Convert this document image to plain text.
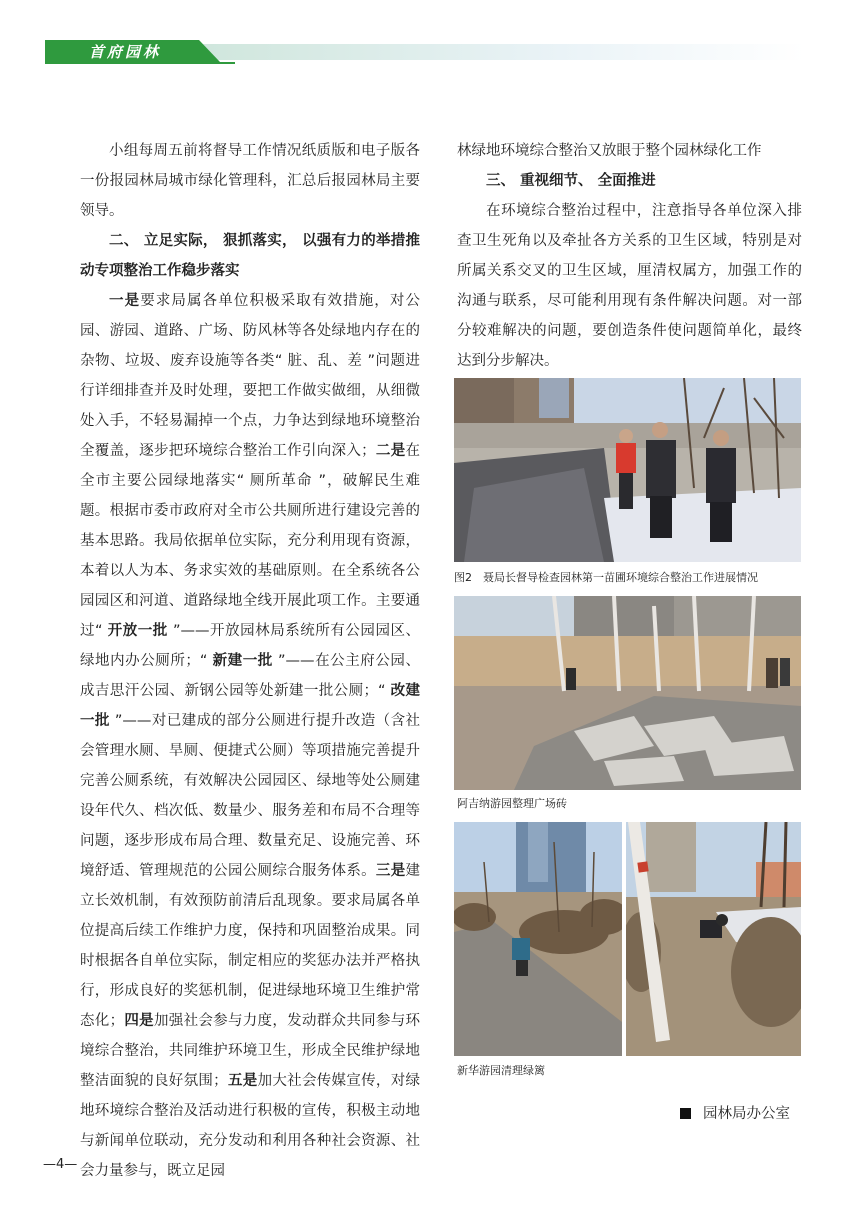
首府园林

小组每周五前将督导工作情况纸质版和电子版各一份报园林局城市绿化管理科，汇总后报园林局主要领导。

二、 立足实际， 狠抓落实， 以强有力的举措推动专项整治工作稳步落实

一是要求局属各单位积极采取有效措施，对公园、游园、道路、广场、防风林等各处绿地内存在的杂物、垃圾、废弃设施等各类“ 脏、乱、差 ”问题进行详细排查并及时处理，要把工作做实做细，从细微处入手，不轻易漏掉一个点，力争达到绿地环境整治全覆盖，逐步把环境综合整治工作引向深入；二是在全市主要公园绿地落实“ 厕所革命 ”，破解民生难题。根据市委市政府对全市公共厕所进行建设完善的基本思路。我局依据单位实际，充分利用现有资源，本着以人为本、务求实效的基础原则。在全系统各公园园区和河道、道路绿地全线开展此项工作。主要通过“ 开放一批 ”——开放园林局系统所有公园园区、绿地内办公厕所；“ 新建一批 ”——在公主府公园、成吉思汗公园、新钢公园等处新建一批公厕；“ 改建一批 ”——对已建成的部分公厕进行提升改造（含社会管理水厕、旱厕、便捷式公厕）等项措施完善提升完善公厕系统，有效解决公园园区、绿地等处公厕建设年代久、档次低、数量少、服务差和布局不合理等问题，逐步形成布局合理、数量充足、设施完善、环境舒适、管理规范的公园公厕综合服务体系。三是建立长效机制，有效预防前清后乱现象。要求局属各单位提高后续工作维护力度，保持和巩固整治成果。同时根据各自单位实际，制定相应的奖惩办法并严格执行，形成良好的奖惩机制，促进绿地环境卫生维护常态化；四是加强社会参与力度，发动群众共同参与环境综合整治，共同维护环境卫生，形成全民维护绿地整洁面貌的良好氛围；五是加大社会传媒宣传，对绿地环境综合整治及活动进行积极的宣传，积极主动地与新闻单位联动，充分发动和利用各种社会资源、社会力量参与，既立足园

林绿地环境综合整治又放眼于整个园林绿化工作

三、 重视细节、 全面推进

在环境综合整治过程中，注意指导各单位深入排查卫生死角以及牵扯各方关系的卫生区域，特别是对所属关系交叉的卫生区域，厘清权属方，加强工作的沟通与联系，尽可能利用现有条件解决问题。对一部分较难解决的问题，要创造条件使问题简单化，最终达到分步解决。

图2　聂局长督导检查园林第一苗圃环境综合整治工作进展情况
阿吉纳游园整理广场砖
新华游园清理绿篱
园林局办公室
—4—
